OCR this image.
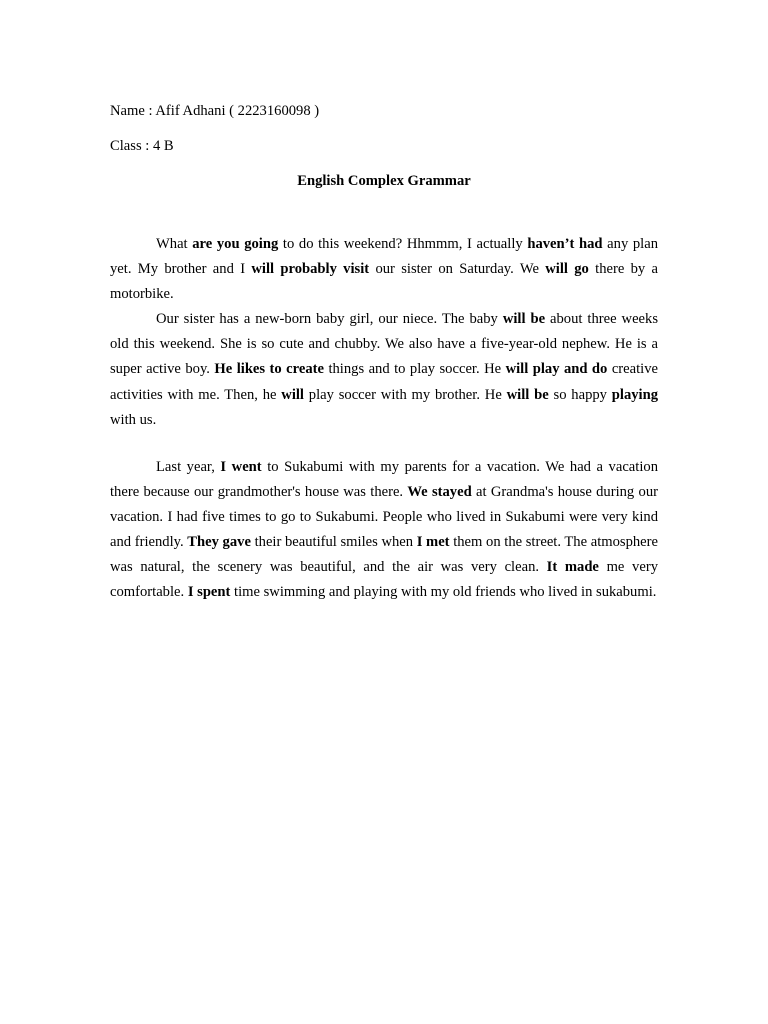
Name : Afif Adhani ( 2223160098 )

Class : 4 B

English Complex Grammar

What are you going to do this weekend? Hhmmm, I actually haven’t had any plan yet. My brother and I will probably visit our sister on Saturday. We will go there by a motorbike.

Our sister has a new-born baby girl, our niece. The baby will be about three weeks old this weekend. She is so cute and chubby. We also have a five-year-old nephew. He is a super active boy. He likes to create things and to play soccer. He will play and do creative activities with me. Then, he will play soccer with my brother. He will be so happy playing with us.

Last year, I went to Sukabumi with my parents for a vacation. We had a vacation there because our grandmother's house was there. We stayed at Grandma's house during our vacation. I had five times to go to Sukabumi. People who lived in Sukabumi were very kind and friendly. They gave their beautiful smiles when I met them on the street. The atmosphere was natural, the scenery was beautiful, and the air was very clean. It made me very comfortable. I spent time swimming and playing with my old friends who lived in sukabumi.
